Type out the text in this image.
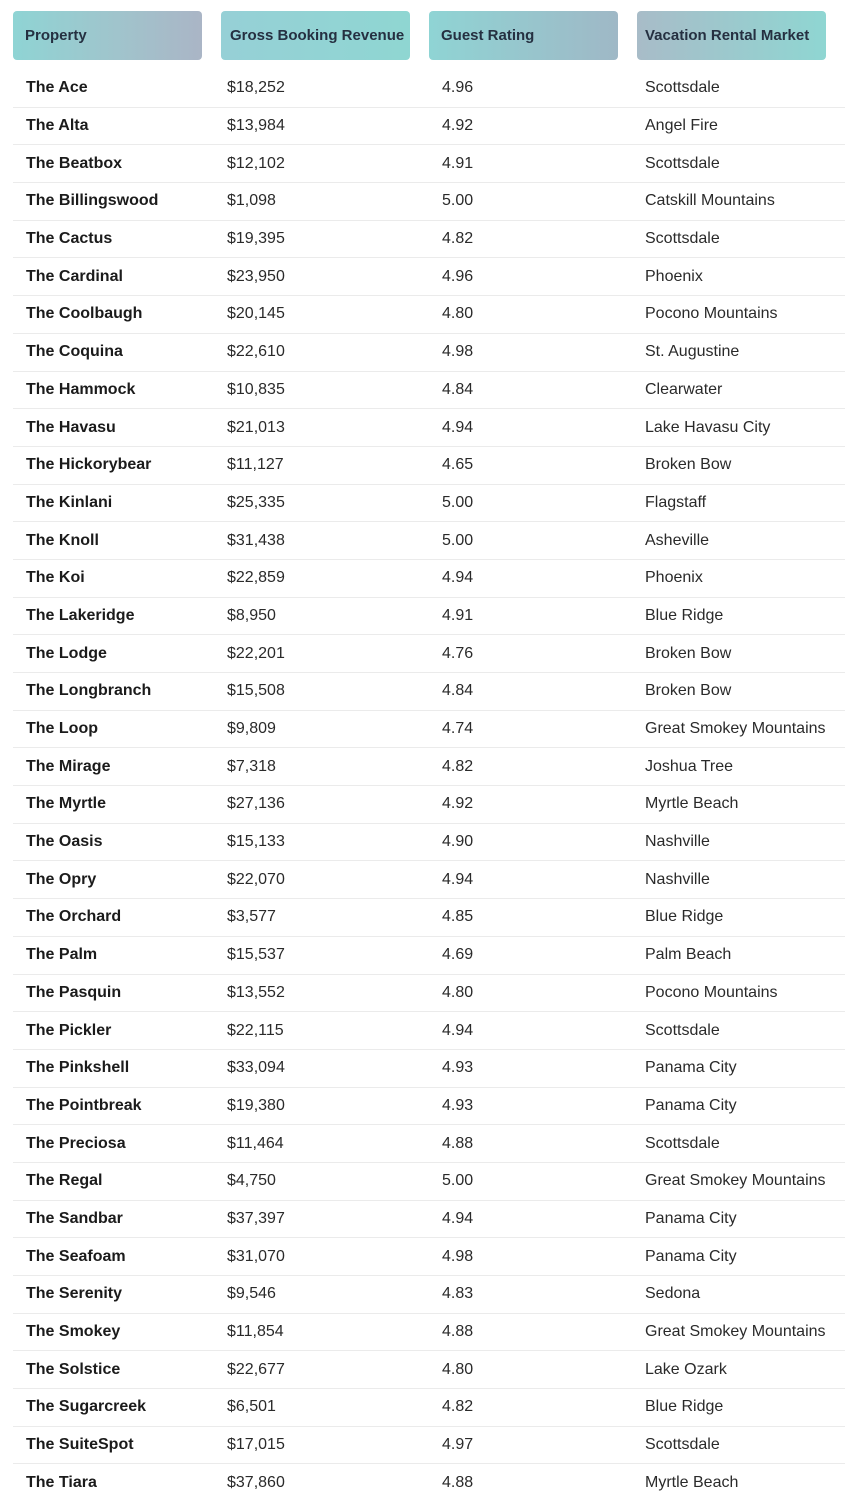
Property	Gross Booking Revenue	Guest Rating	Vacation Rental Market
The Ace	$18,252	4.96	Scottsdale
The Alta	$13,984	4.92	Angel Fire
The Beatbox	$12,102	4.91	Scottsdale
The Billingswood	$1,098	5.00	Catskill Mountains
The Cactus	$19,395	4.82	Scottsdale
The Cardinal	$23,950	4.96	Phoenix
The Coolbaugh	$20,145	4.80	Pocono Mountains
The Coquina	$22,610	4.98	St. Augustine
The Hammock	$10,835	4.84	Clearwater
The Havasu	$21,013	4.94	Lake Havasu City
The Hickorybear	$11,127	4.65	Broken Bow
The Kinlani	$25,335	5.00	Flagstaff
The Knoll	$31,438	5.00	Asheville
The Koi	$22,859	4.94	Phoenix
The Lakeridge	$8,950	4.91	Blue Ridge
The Lodge	$22,201	4.76	Broken Bow
The Longbranch	$15,508	4.84	Broken Bow
The Loop	$9,809	4.74	Great Smokey Mountains
The Mirage	$7,318	4.82	Joshua Tree
The Myrtle	$27,136	4.92	Myrtle Beach
The Oasis	$15,133	4.90	Nashville
The Opry	$22,070	4.94	Nashville
The Orchard	$3,577	4.85	Blue Ridge
The Palm	$15,537	4.69	Palm Beach
The Pasquin	$13,552	4.80	Pocono Mountains
The Pickler	$22,115	4.94	Scottsdale
The Pinkshell	$33,094	4.93	Panama City
The Pointbreak	$19,380	4.93	Panama City
The Preciosa	$11,464	4.88	Scottsdale
The Regal	$4,750	5.00	Great Smokey Mountains
The Sandbar	$37,397	4.94	Panama City
The Seafoam	$31,070	4.98	Panama City
The Serenity	$9,546	4.83	Sedona
The Smokey	$11,854	4.88	Great Smokey Mountains
The Solstice	$22,677	4.80	Lake Ozark
The Sugarcreek	$6,501	4.82	Blue Ridge
The SuiteSpot	$17,015	4.97	Scottsdale
The Tiara	$37,860	4.88	Myrtle Beach
